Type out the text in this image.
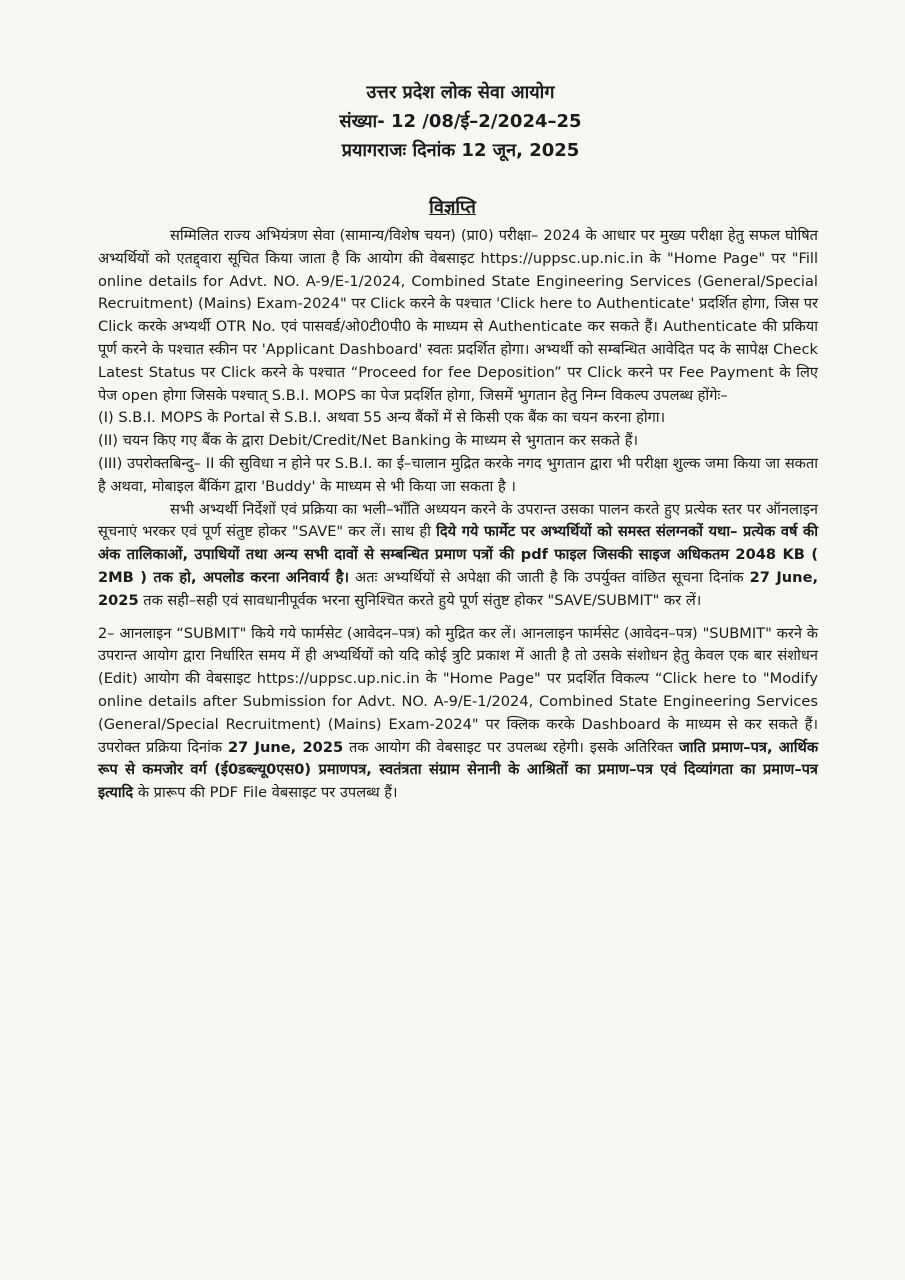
उत्तर प्रदेश लोक सेवा आयोग
संख्या- 12 /08/ई–2/2024–25
प्रयागराजः दिनांक 12 जून, 2025
विज्ञप्ति

सम्मिलित राज्य अभियंत्रण सेवा (सामान्य/विशेष चयन) (प्रा0) परीक्षा– 2024 के आधार पर मुख्य परीक्षा हेतु सफल घोषित अभ्यर्थियों को एतद्द्वारा सूचित किया जाता है कि आयोग की वेबसाइट https://uppsc.up.nic.in के "Home Page" पर "Fill online details for Advt. NO. A-9/E-1/2024, Combined State Engineering Services (General/Special Recruitment) (Mains) Exam-2024" पर Click करने के पश्चात 'Click here to Authenticate' प्रदर्शित होगा, जिस पर Click करके अभ्यर्थी OTR No. एवं पासवर्ड/ओ0टी0पी0 के माध्यम से Authenticate कर सकते हैं। Authenticate की प्रकिया पूर्ण करने के पश्चात स्कीन पर 'Applicant Dashboard' स्वतः प्रदर्शित होगा। अभ्यर्थी को सम्बन्धित आवेदित पद के सापेक्ष Check Latest Status पर Click करने के पश्चात “Proceed for fee Deposition” पर Click करने पर Fee Payment के लिए पेज open होगा जिसके पश्चात् S.B.I. MOPS का पेज प्रदर्शित होगा, जिसमें भुगतान हेतु निम्न विकल्प उपलब्ध होंगेः–

(I) S.B.I. MOPS के Portal से S.B.I. अथवा 55 अन्य बैंकों में से किसी एक बैंक का चयन करना होगा।

(II) चयन किए गए बैंक के द्वारा Debit/Credit/Net Banking के माध्यम से भुगतान कर सकते हैं।

(III) उपरोक्तबिन्दु– II की सुविधा न होने पर S.B.I. का ई–चालान मुद्रित करके नगद भुगतान द्वारा भी परीक्षा शुल्क जमा किया जा सकता है अथवा, मोबाइल बैंकिंग द्वारा 'Buddy' के माध्यम से भी किया जा सकता है ।

सभी अभ्यर्थी निर्देशों एवं प्रक्रिया का भली–भाँति अध्ययन करने के उपरान्त उसका पालन करते हुए प्रत्येक स्तर पर ऑनलाइन सूचनाएं भरकर एवं पूर्ण संतुष्ट होकर "SAVE" कर लें। साथ ही दिये गये फार्मेट पर अभ्यर्थियों को समस्त संलग्नकों यथा– प्रत्येक वर्ष की अंक तालिकाओं, उपाधियों तथा अन्य सभी दावों से सम्बन्धित प्रमाण पत्रों की pdf फाइल जिसकी साइज अधिकतम 2048 KB ( 2MB ) तक हो, अपलोड करना अनिवार्य है। अतः अभ्यर्थियों से अपेक्षा की जाती है कि उपर्युक्त वांछित सूचना दिनांक 27 June, 2025 तक सही–सही एवं सावधानीपूर्वक भरना सुनिश्चित करते हुये पूर्ण संतुष्ट होकर "SAVE/SUBMIT" कर लें।

2– आनलाइन “SUBMIT" किये गये फार्मसेट (आवेदन–पत्र) को मुद्रित कर लें। आनलाइन फार्मसेट (आवेदन–पत्र) "SUBMIT" करने के उपरान्त आयोग द्वारा निर्धारित समय में ही अभ्यर्थियों को यदि कोई त्रुटि प्रकाश में आती है तो उसके संशोधन हेतु केवल एक बार संशोधन (Edit) आयोग की वेबसाइट https://uppsc.up.nic.in के "Home Page" पर प्रदर्शित विकल्प “Click here to "Modify online details after Submission for Advt. NO. A-9/E-1/2024, Combined State Engineering Services (General/Special Recruitment) (Mains) Exam-2024" पर क्लिक करके Dashboard के माध्यम से कर सकते हैं। उपरोक्त प्रक्रिया दिनांक 27 June, 2025 तक आयोग की वेबसाइट पर उपलब्ध रहेगी। इसके अतिरिक्त जाति प्रमाण–पत्र, आर्थिक रूप से कमजोर वर्ग (ई0डब्ल्यू0एस0) प्रमाणपत्र, स्वतंत्रता संग्राम सेनानी के आश्रितों का प्रमाण–पत्र एवं दिव्यांगता का प्रमाण–पत्र इत्यादि के प्रारूप की PDF File वेबसाइट पर उपलब्ध हैं।
